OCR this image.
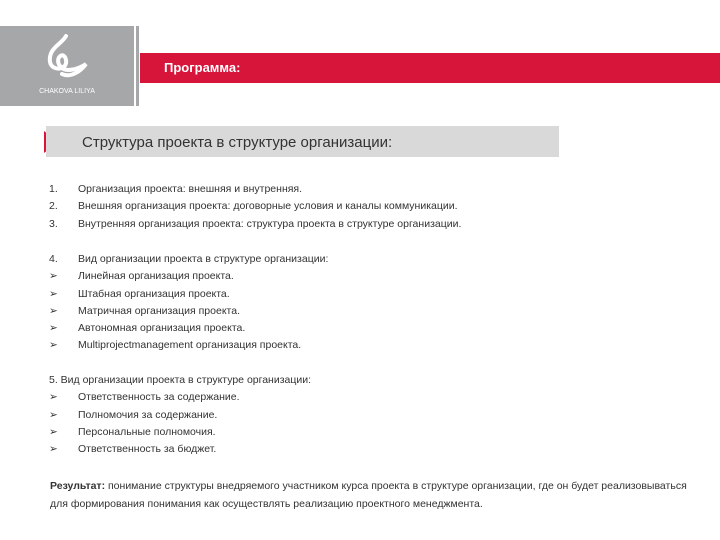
CHAKOVA LILIYA
Программа:
Структура проекта в структуре организации:
1.	Организация проекта: внешняя и внутренняя.
2.	Внешняя организация проекта: договорные условия и каналы коммуникации.
3.	Внутренняя организация проекта: структура проекта в структуре организации.
4.	Вид организации проекта в структуре организации:
➢	Линейная организация проекта.
➢	Штабная организация проекта.
➢	Матричная организация проекта.
➢	Автономная организация проекта.
➢	Multiprojectmanagement организация проекта.
5. Вид организации проекта в структуре организации:
➢	Ответственность за содержание.
➢	Полномочия за содержание.
➢	Персональные полномочия.
➢	Ответственность за бюджет.
Результат: понимание структуры внедряемого участником курса проекта в структуре организации, где он будет реализовываться для формирования понимания как осуществлять реализацию проектного менеджмента.
